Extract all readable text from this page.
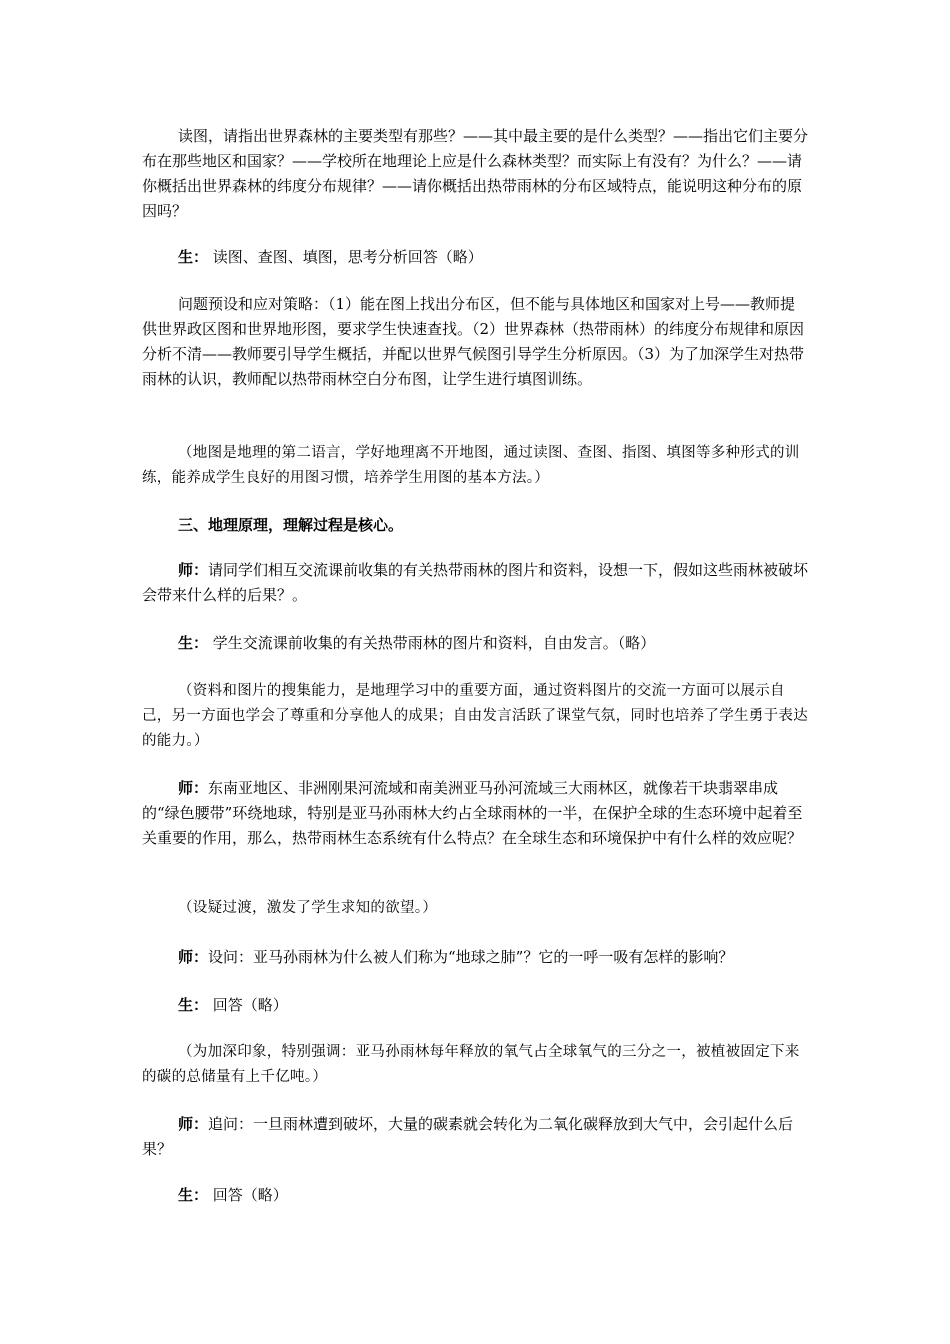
读图，请指出世界森林的主要类型有那些？——其中最主要的是什么类型？——指出它们主要分布在那些地区和国家？——学校所在地理论上应是什么森林类型？而实际上有没有？为什么？——请你概括出世界森林的纬度分布规律？——请你概括出热带雨林的分布区域特点，能说明这种分布的原因吗？

生： 读图、查图、填图，思考分析回答（略）

问题预设和应对策略：（1）能在图上找出分布区，但不能与具体地区和国家对上号——教师提供世界政区图和世界地形图，要求学生快速查找。（2）世界森林（热带雨林）的纬度分布规律和原因分析不清——教师要引导学生概括，并配以世界气候图引导学生分析原因。（3）为了加深学生对热带雨林的认识，教师配以热带雨林空白分布图，让学生进行填图训练。

（地图是地理的第二语言，学好地理离不开地图，通过读图、查图、指图、填图等多种形式的训练，能养成学生良好的用图习惯，培养学生用图的基本方法。）

三、地理原理，理解过程是核心。

师：请同学们相互交流课前收集的有关热带雨林的图片和资料，设想一下，假如这些雨林被破坏会带来什么样的后果？。

生： 学生交流课前收集的有关热带雨林的图片和资料，自由发言。（略）

（资料和图片的搜集能力，是地理学习中的重要方面，通过资料图片的交流一方面可以展示自己，另一方面也学会了尊重和分享他人的成果；自由发言活跃了课堂气氛，同时也培养了学生勇于表达的能力。）

师：东南亚地区、非洲刚果河流域和南美洲亚马孙河流域三大雨林区，就像若干块翡翠串成的“绿色腰带”环绕地球，特别是亚马孙雨林大约占全球雨林的一半，在保护全球的生态环境中起着至关重要的作用，那么，热带雨林生态系统有什么特点？在全球生态和环境保护中有什么样的效应呢？

（设疑过渡，激发了学生求知的欲望。）

师：设问：亚马孙雨林为什么被人们称为“地球之肺”？它的一呼一吸有怎样的影响？

生： 回答（略）

（为加深印象，特别强调：亚马孙雨林每年释放的氧气占全球氧气的三分之一，被植被固定下来的碳的总储量有上千亿吨。）

师：追问：一旦雨林遭到破坏，大量的碳素就会转化为二氧化碳释放到大气中，会引起什么后果？

生： 回答（略）
